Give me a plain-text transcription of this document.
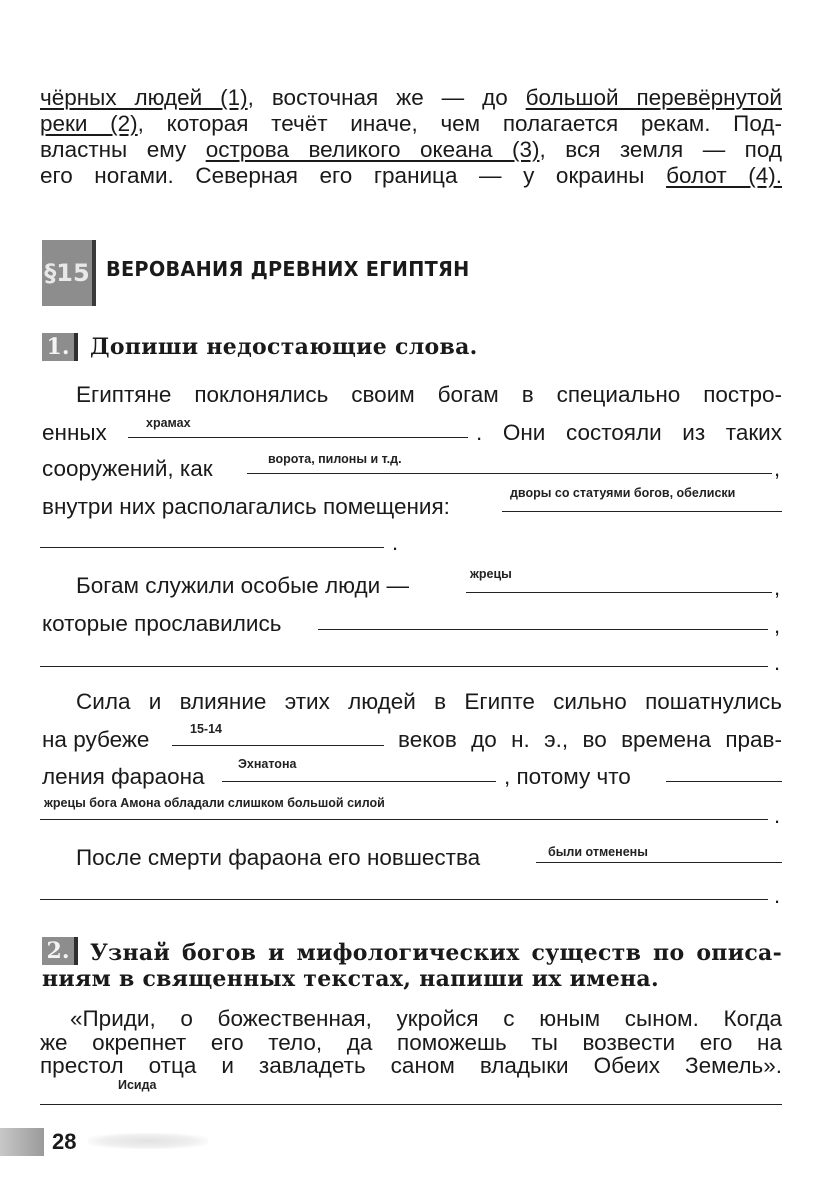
чёрных людей (1), восточная же — до большой перевёрнутой
реки (2), которая течёт иначе, чем полагается рекам. Под-
властны ему острова великого океана (3), вся земля — под
его ногами. Северная его граница — у окраины болот (4).
§15 ВЕРОВАНИЯ ДРЕВНИХ ЕГИПТЯН
1. Допиши недостающие слова.
Египтяне поклонялись своим богам в специально постро-
енных	храмах	. Они состояли из таких
сооружений, как	ворота, пилоны и т.д.	,
внутри них располагались помещения:
дворы со статуями богов, обелиски
.
Богам служили особые люди —	жрецы
,
которые прославились	,
.
Сила и влияние этих людей в Египте сильно пошатнулись
на рубеже	15-14	веков до н. э., во времена прав-
ления фараона	Эхнатона	, потому что
жрецы бога Амона обладали слишком большой силой	.
После смерти фараона его новшества	были отменены
.
2. Узнай богов и мифологических существ по описа-
ниям в священных текстах, напиши их имена.
«Приди, о божественная, укройся с юным сыном. Когда
же окрепнет его тело, да поможешь ты возвести его на
престол отца и завладеть саном владыки Обеих Земель».
Исида
28
